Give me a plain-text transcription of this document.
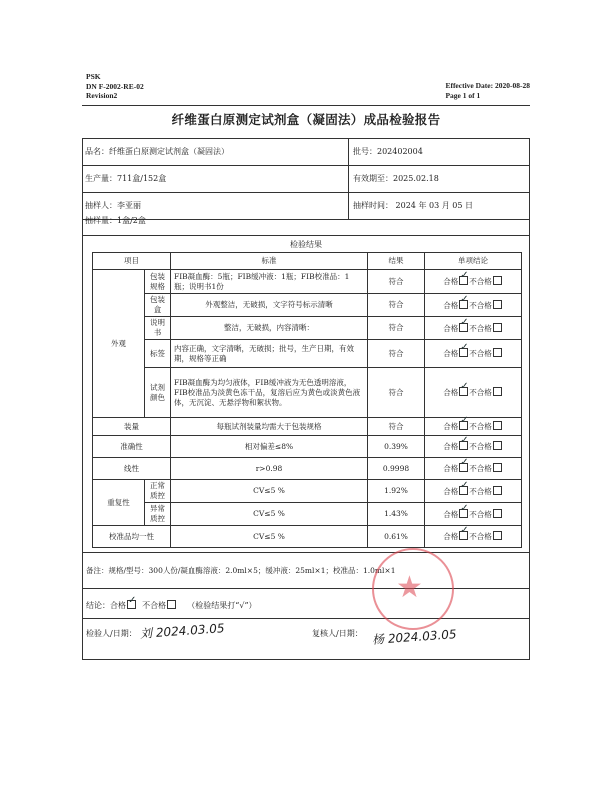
PSK
DN F-2002-RE-02
Revision2
Effective Date: 2020-08-28
Page 1 of 1
纤维蛋白原测定试剂盒（凝固法）成品检验报告
品名：纤维蛋白原测定试剂盒（凝固法）	批号：202402004
生产量：711盒/152盒	有效期至：2025.02.18
抽样人：李亚丽	抽样时间： 2024 年 03 月 05 日
抽样量：1盒/2盒
检验结果
项目		标准	结果	单项结论
外观	包装规格	FIB凝血酶：5瓶；FIB缓冲液：1瓶；FIB校准品：1瓶；说明书1份	符合	合格 ✓ 不合格
	包装盒	外观整洁，无破损，文字符号标示清晰	符合	合格 ✓ 不合格
	说明书	整洁，无破损，内容清晰：	符合	合格 ✓ 不合格
	标签	内容正确，文字清晰，无破损；批号，生产日期，有效期，规格等正确	符合	合格 ✓ 不合格
	试剂颜色	FIB凝血酶为均匀液体，FIB缓冲液为无色透明溶液，FIB校准品为淡黄色冻干品，复溶后应为黄色或淡黄色液体，无沉淀、无悬浮物和絮状物。	符合	合格 ✓ 不合格
装量		每瓶试剂装量均需大于包装规格	符合	合格 ✓ 不合格
准确性		相对偏差≤8%	0.39%	合格 ✓ 不合格
线性		r>0.98	0.9998	合格 ✓ 不合格
重复性	正常质控	CV≤5 %	1.92%	合格 ✓ 不合格
	异常质控	CV≤5 %	1.43%	合格 ✓ 不合格
校准品均一性		CV≤5 %	0.61%	合格 ✓ 不合格
备注：规格/型号：300人份/凝血酶溶液：2.0ml×5；缓冲液：25ml×1；校准品：1.0ml×1
结论：合格 ✓ 不合格	（检验结果打“√”）
检验人/日期： 刘 2024.03.05	复核人/日期： 杨 2024.03.05
★
